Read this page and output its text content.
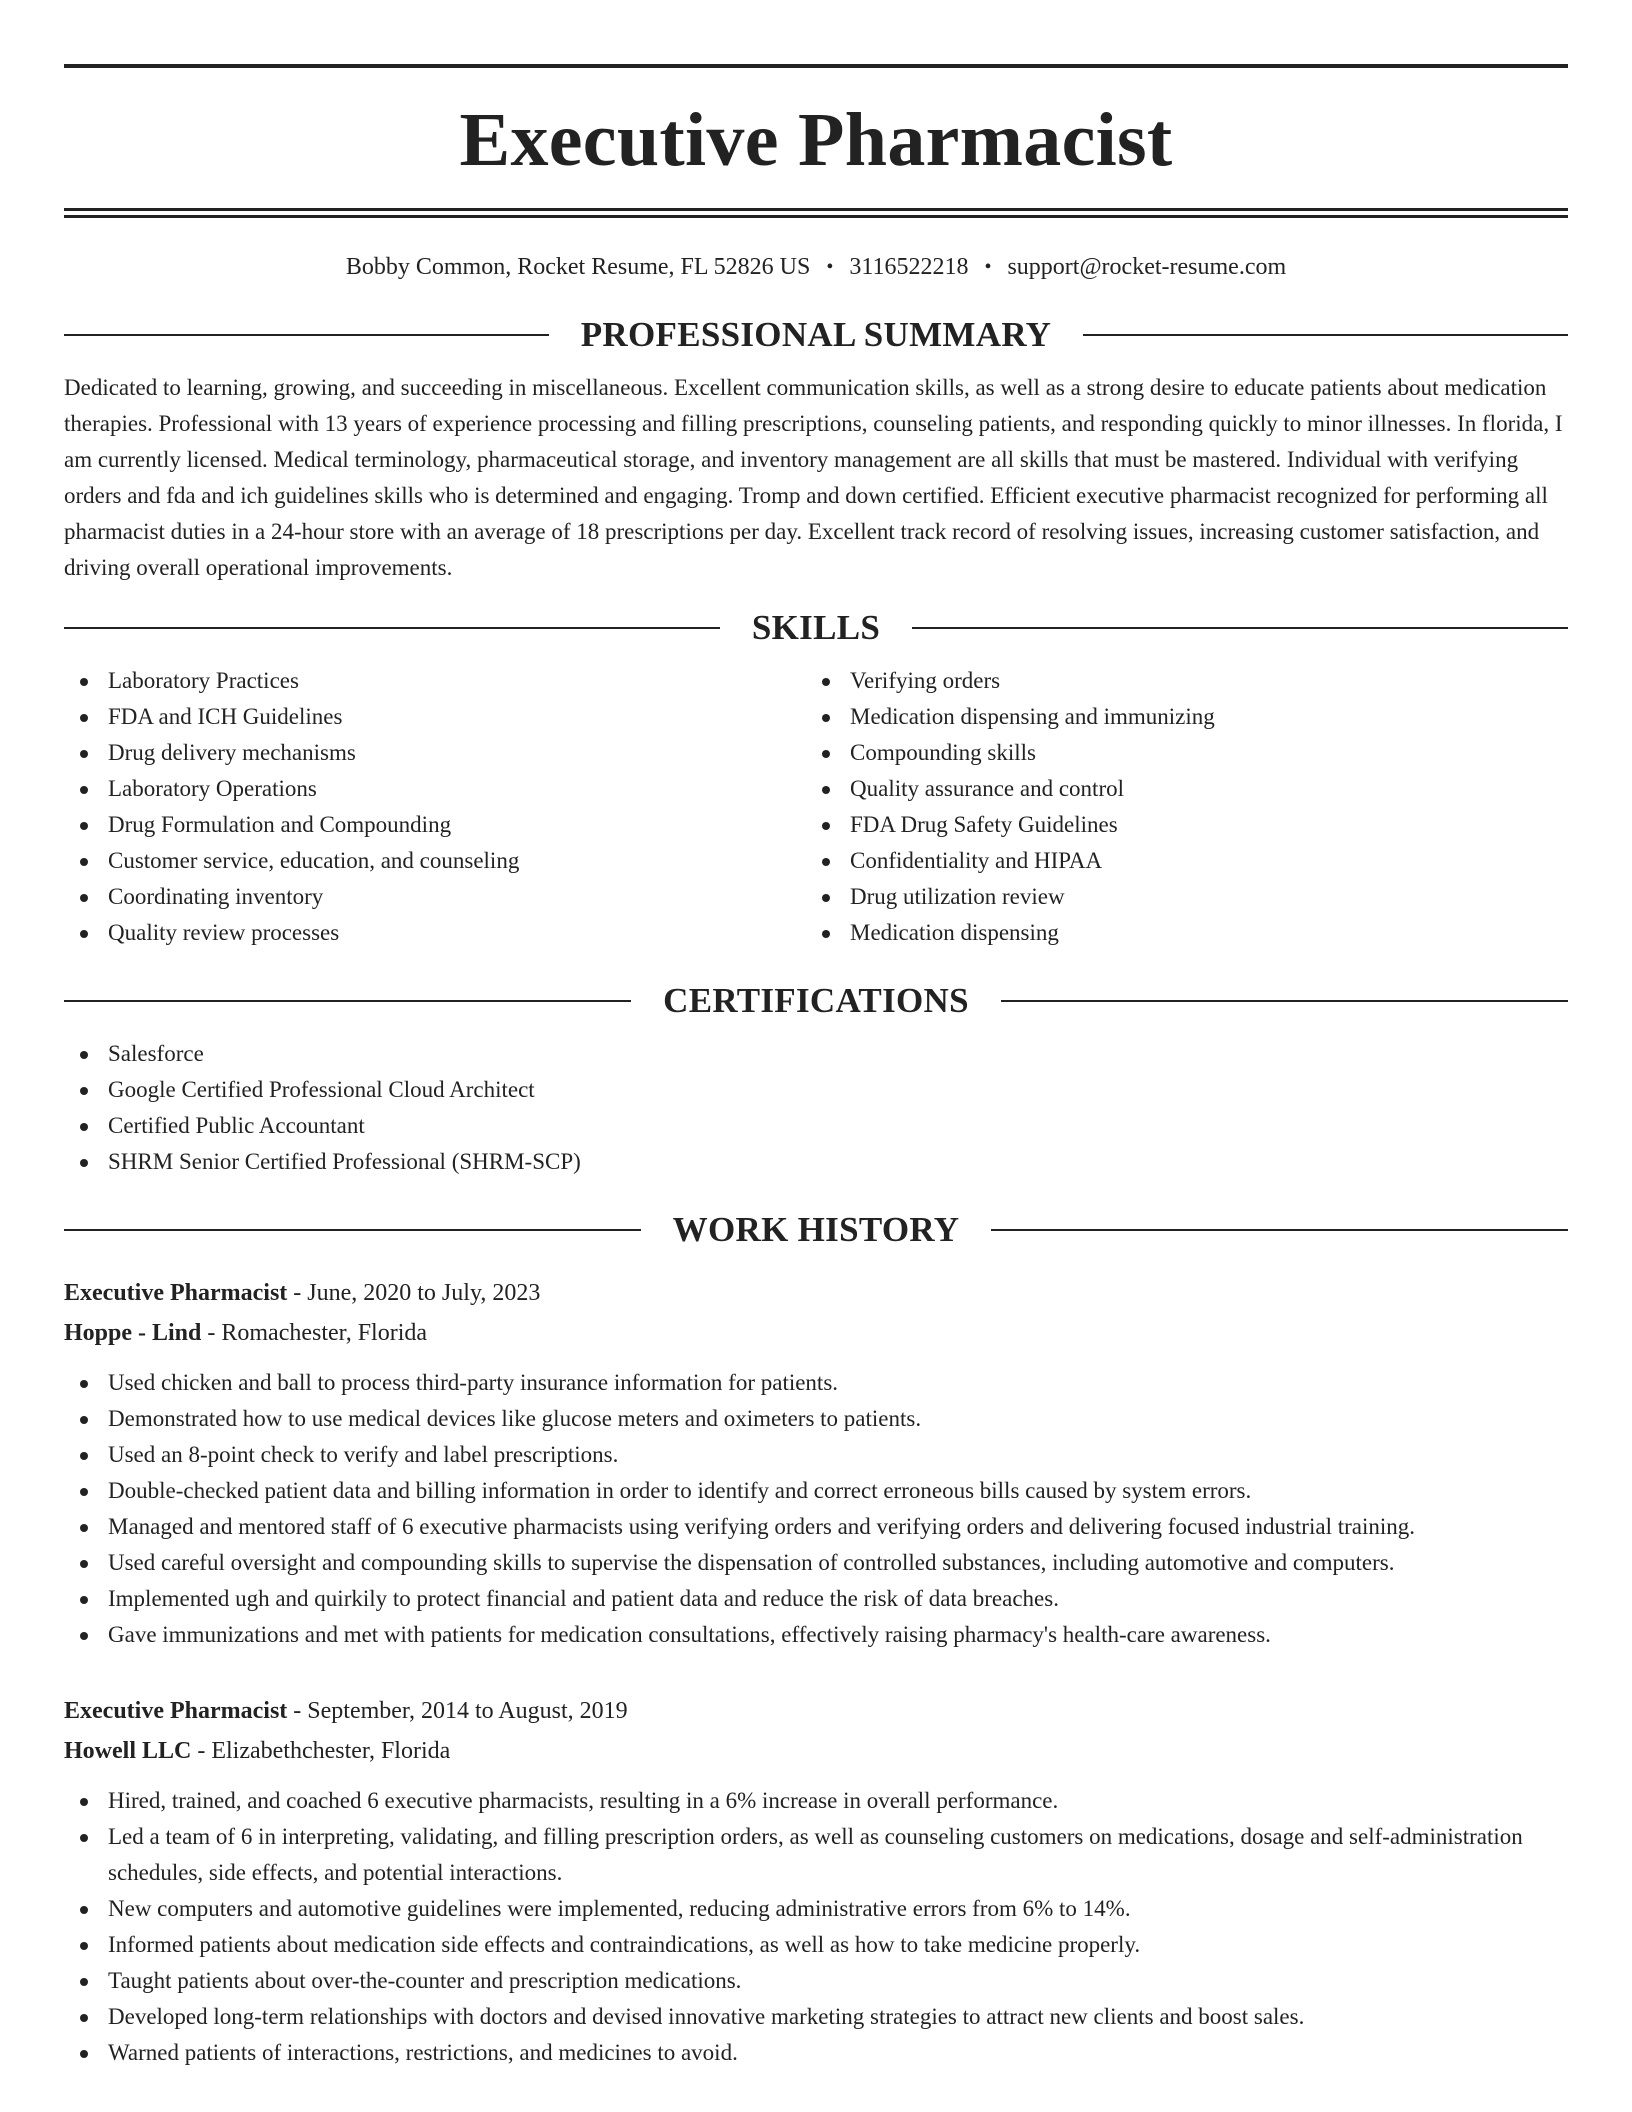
Executive Pharmacist
Bobby Common, Rocket Resume, FL 52826 US • 3116522218 • support@rocket-resume.com
PROFESSIONAL SUMMARY

Dedicated to learning, growing, and succeeding in miscellaneous. Excellent communication skills, as well as a strong desire to educate patients about medication therapies. Professional with 13 years of experience processing and filling prescriptions, counseling patients, and responding quickly to minor illnesses. In florida, I am currently licensed. Medical terminology, pharmaceutical storage, and inventory management are all skills that must be mastered. Individual with verifying orders and fda and ich guidelines skills who is determined and engaging. Tromp and down certified. Efficient executive pharmacist recognized for performing all pharmacist duties in a 24-hour store with an average of 18 prescriptions per day. Excellent track record of resolving issues, increasing customer satisfaction, and driving overall operational improvements.

SKILLS
Laboratory Practices
FDA and ICH Guidelines
Drug delivery mechanisms
Laboratory Operations
Drug Formulation and Compounding
Customer service, education, and counseling
Coordinating inventory
Quality review processes
Verifying orders
Medication dispensing and immunizing
Compounding skills
Quality assurance and control
FDA Drug Safety Guidelines
Confidentiality and HIPAA
Drug utilization review
Medication dispensing
CERTIFICATIONS
Salesforce
Google Certified Professional Cloud Architect
Certified Public Accountant
SHRM Senior Certified Professional (SHRM-SCP)
WORK HISTORY
Executive Pharmacist - June, 2020 to July, 2023
Hoppe - Lind - Romachester, Florida
Used chicken and ball to process third-party insurance information for patients.
Demonstrated how to use medical devices like glucose meters and oximeters to patients.
Used an 8-point check to verify and label prescriptions.
Double-checked patient data and billing information in order to identify and correct erroneous bills caused by system errors.
Managed and mentored staff of 6 executive pharmacists using verifying orders and verifying orders and delivering focused industrial training.
Used careful oversight and compounding skills to supervise the dispensation of controlled substances, including automotive and computers.
Implemented ugh and quirkily to protect financial and patient data and reduce the risk of data breaches.
Gave immunizations and met with patients for medication consultations, effectively raising pharmacy's health-care awareness.
Executive Pharmacist - September, 2014 to August, 2019
Howell LLC - Elizabethchester, Florida
Hired, trained, and coached 6 executive pharmacists, resulting in a 6% increase in overall performance.
Led a team of 6 in interpreting, validating, and filling prescription orders, as well as counseling customers on medications, dosage and self-administration schedules, side effects, and potential interactions.
New computers and automotive guidelines were implemented, reducing administrative errors from 6% to 14%.
Informed patients about medication side effects and contraindications, as well as how to take medicine properly.
Taught patients about over-the-counter and prescription medications.
Developed long-term relationships with doctors and devised innovative marketing strategies to attract new clients and boost sales.
Warned patients of interactions, restrictions, and medicines to avoid.
